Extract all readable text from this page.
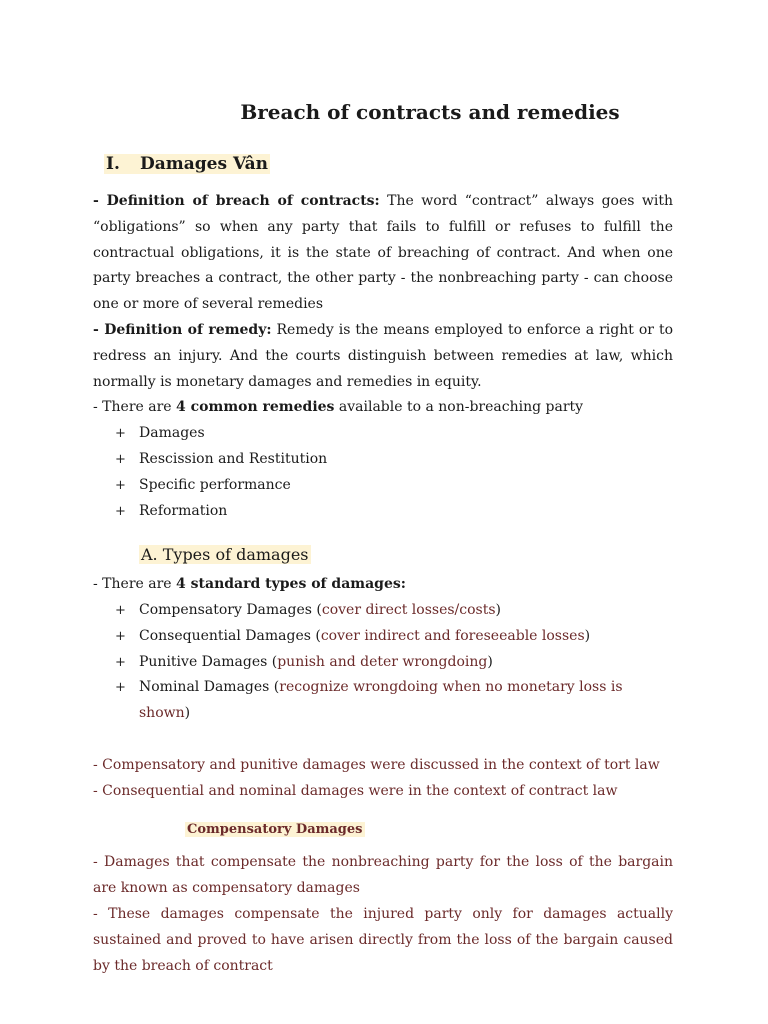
Breach of contracts and remedies
I. Damages Vân

- Definition of breach of contracts: The word “contract” always goes with “obligations” so when any party that fails to fulfill or refuses to fulfill the contractual obligations, it is the state of breaching of contract. And when one party breaches a contract, the other party - the nonbreaching party - can choose one or more of several remedies

- Definition of remedy: Remedy is the means employed to enforce a right or to redress an injury. And the courts distinguish between remedies at law, which normally is monetary damages and remedies in equity.

- There are 4 common remedies available to a non-breaching party

+ Damages
+ Rescission and Restitution
+ Specific performance
+ Reformation
A. Types of damages

- There are 4 standard types of damages:

+ Compensatory Damages (cover direct losses/costs)
+ Consequential Damages (cover indirect and foreseeable losses)
+ Punitive Damages (punish and deter wrongdoing)
+ Nominal Damages (recognize wrongdoing when no monetary loss is shown)

- Compensatory and punitive damages were discussed in the context of tort law

- Consequential and nominal damages were in the context of contract law

Compensatory Damages

- Damages that compensate the nonbreaching party for the loss of the bargain are known as compensatory damages

- These damages compensate the injured party only for damages actually sustained and proved to have arisen directly from the loss of the bargain caused by the breach of contract
